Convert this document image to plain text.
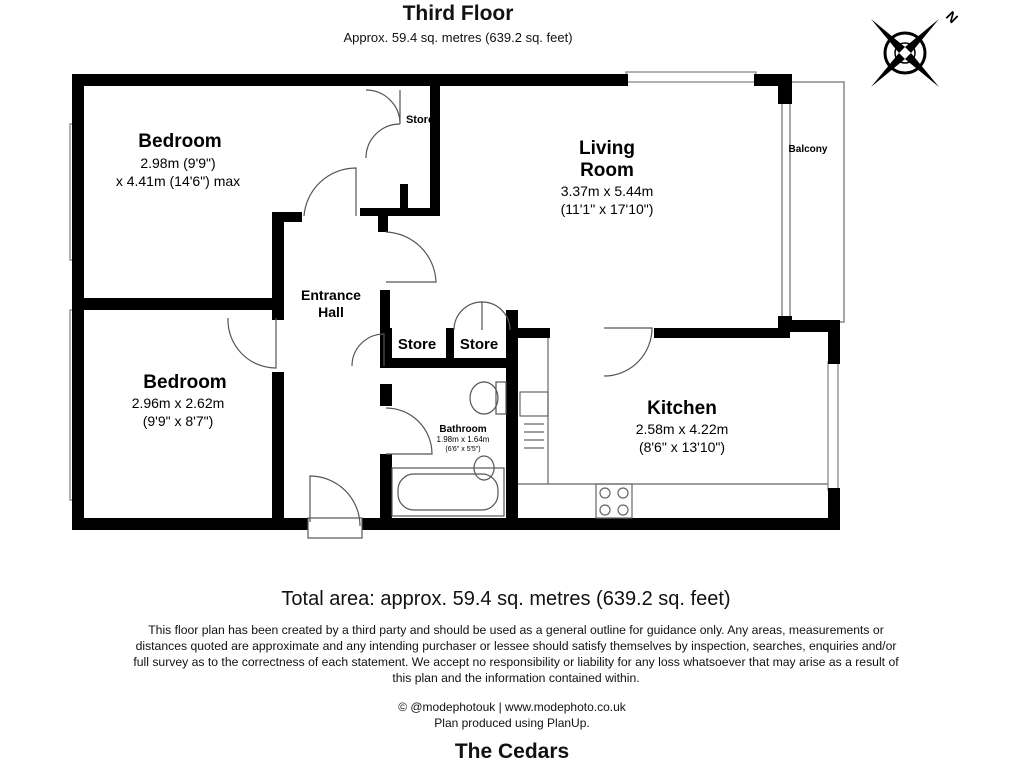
Third Floor
Approx. 59.4 sq. metres (639.2 sq. feet)
N
Bedroom
2.98m (9'9")
x 4.41m (14'6") max
Bedroom
2.96m x 2.62m
(9'9" x 8'7")
Living
Room
3.37m x 5.44m
(11'1" x 17'10")
Kitchen
2.58m x 4.22m
(8'6" x 13'10")
Entrance
Hall
Bathroom
1.98m x 1.64m
(6'6" x 5'5")
Store
Store Store
Balcony
Total area: approx. 59.4 sq. metres (639.2 sq. feet)
This floor plan has been created by a third party and should be used as a general outline for guidance only. Any areas, measurements or distances quoted are approximate and any intending purchaser or lessee should satisfy themselves by inspection, searches, enquiries and/or full survey as to the correctness of each statement. We accept no responsibility or liability for any loss whatsoever that may arise as a result of this plan and the information contained within.
© @modephotouk | www.modephoto.co.uk
Plan produced using PlanUp.
The Cedars
